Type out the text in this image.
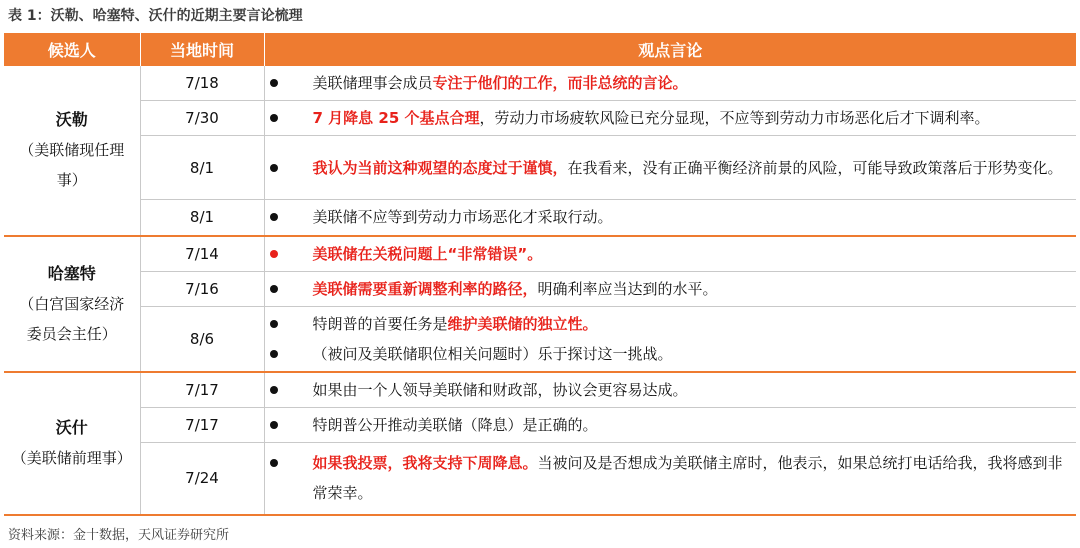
表 1：沃勒、哈塞特、沃什的近期主要言论梳理
候选人	当地时间	观点言论

沃勒
（美联储现任理
事）	7/18	美联储理事会成员专注于他们的工作，而非总统的言论。

	7/30	7 月降息 25 个基点合理，劳动力市场疲软风险已充分显现，不应等到劳动力市场恶化后才下调利率。

	8/1	我认为当前这种观望的态度过于谨慎，在我看来，没有正确平衡经济前景的风险，可能导致政策落后于形势变化。

	8/1	美联储不应等到劳动力市场恶化才采取行动。

哈塞特
（白宫国家经济
委员会主任）	7/14	美联储在关税问题上“非常错误”。

	7/16	美联储需要重新调整利率的路径，明确利率应当达到的水平。

	8/6	特朗普的首要任务是维护美联储的独立性。
（被问及美联储职位相关问题时）乐于探讨这一挑战。

沃什
（美联储前理事）	7/17	如果由一个人领导美联储和财政部，协议会更容易达成。

	7/17	特朗普公开推动美联储（降息）是正确的。

	7/24	如果我投票，我将支持下周降息。当被问及是否想成为美联储主席时，他表示，如果总统打电话给我，我将感到非常荣幸。
资料来源：金十数据，天风证券研究所
